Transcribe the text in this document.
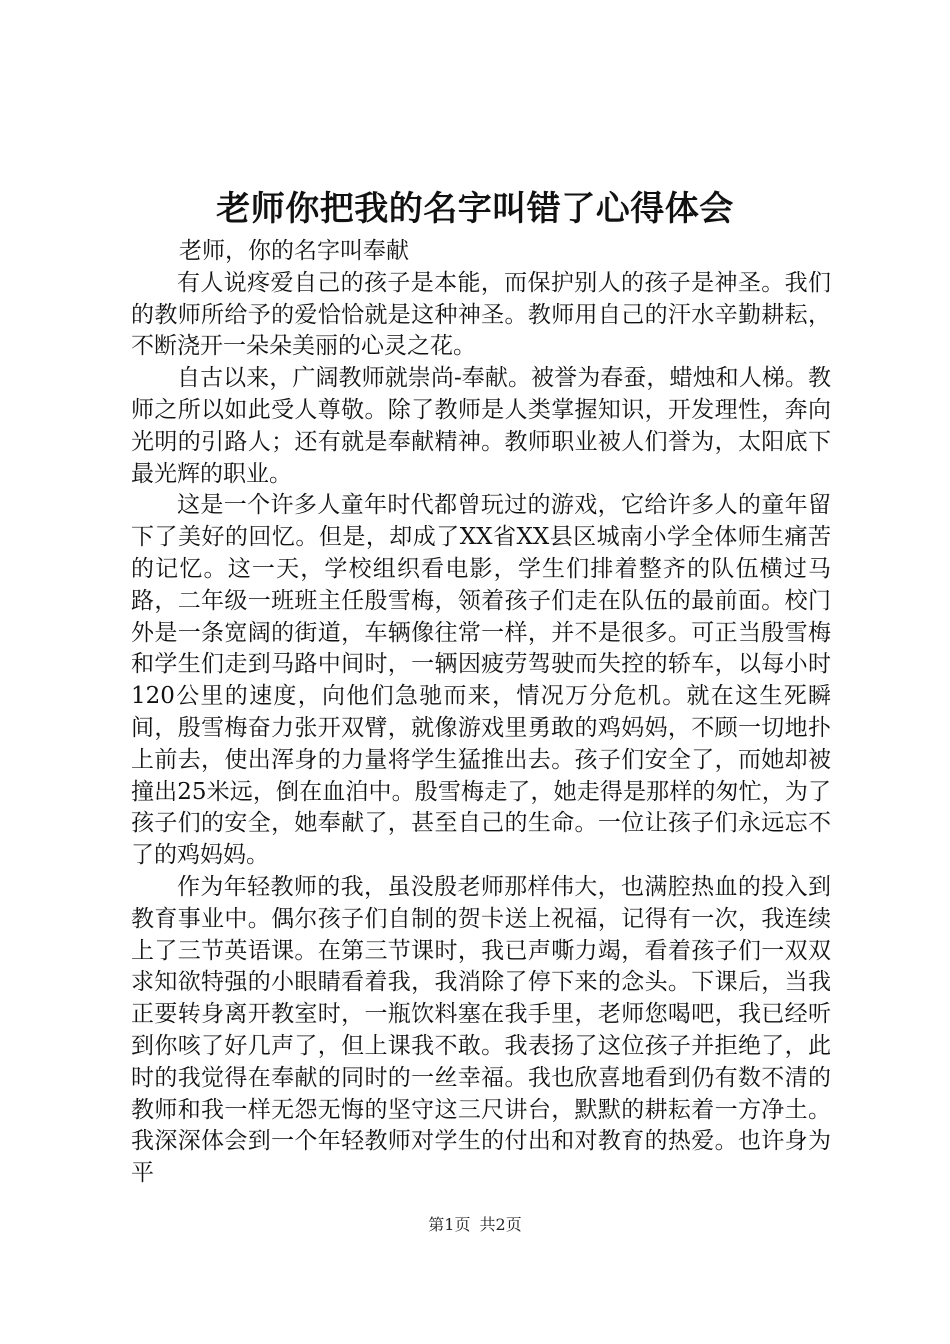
老师你把我的名字叫错了心得体会

老师，你的名字叫奉献

有人说疼爱自己的孩子是本能，而保护别人的孩子是神圣。我们的教师所给予的爱恰恰就是这种神圣。教师用自己的汗水辛勤耕耘，不断浇开一朵朵美丽的心灵之花。

自古以来，广阔教师就崇尚-奉献。被誉为春蚕，蜡烛和人梯。教师之所以如此受人尊敬。除了教师是人类掌握知识，开发理性，奔向光明的引路人；还有就是奉献精神。教师职业被人们誉为，太阳底下最光辉的职业。

这是一个许多人童年时代都曾玩过的游戏，它给许多人的童年留下了美好的回忆。但是，却成了XX省XX县区城南小学全体师生痛苦的记忆。这一天，学校组织看电影，学生们排着整齐的队伍横过马路，二年级一班班主任殷雪梅，领着孩子们走在队伍的最前面。校门外是一条宽阔的街道，车辆像往常一样，并不是很多。可正当殷雪梅和学生们走到马路中间时，一辆因疲劳驾驶而失控的轿车，以每小时120公里的速度，向他们急驰而来，情况万分危机。就在这生死瞬间，殷雪梅奋力张开双臂，就像游戏里勇敢的鸡妈妈，不顾一切地扑上前去，使出浑身的力量将学生猛推出去。孩子们安全了，而她却被撞出25米远，倒在血泊中。殷雪梅走了，她走得是那样的匆忙，为了孩子们的安全，她奉献了，甚至自己的生命。一位让孩子们永远忘不了的鸡妈妈。

作为年轻教师的我，虽没殷老师那样伟大，也满腔热血的投入到教育事业中。偶尔孩子们自制的贺卡送上祝福，记得有一次，我连续上了三节英语课。在第三节课时，我已声嘶力竭，看着孩子们一双双求知欲特强的小眼睛看着我，我消除了停下来的念头。下课后，当我正要转身离开教室时，一瓶饮料塞在我手里，老师您喝吧，我已经听到你咳了好几声了，但上课我不敢。我表扬了这位孩子并拒绝了，此时的我觉得在奉献的同时的一丝幸福。我也欣喜地看到仍有数不清的教师和我一样无怨无悔的坚守这三尺讲台，默默的耕耘着一方净土。我深深体会到一个年轻教师对学生的付出和对教育的热爱。也许身为平

第1页 共2页
